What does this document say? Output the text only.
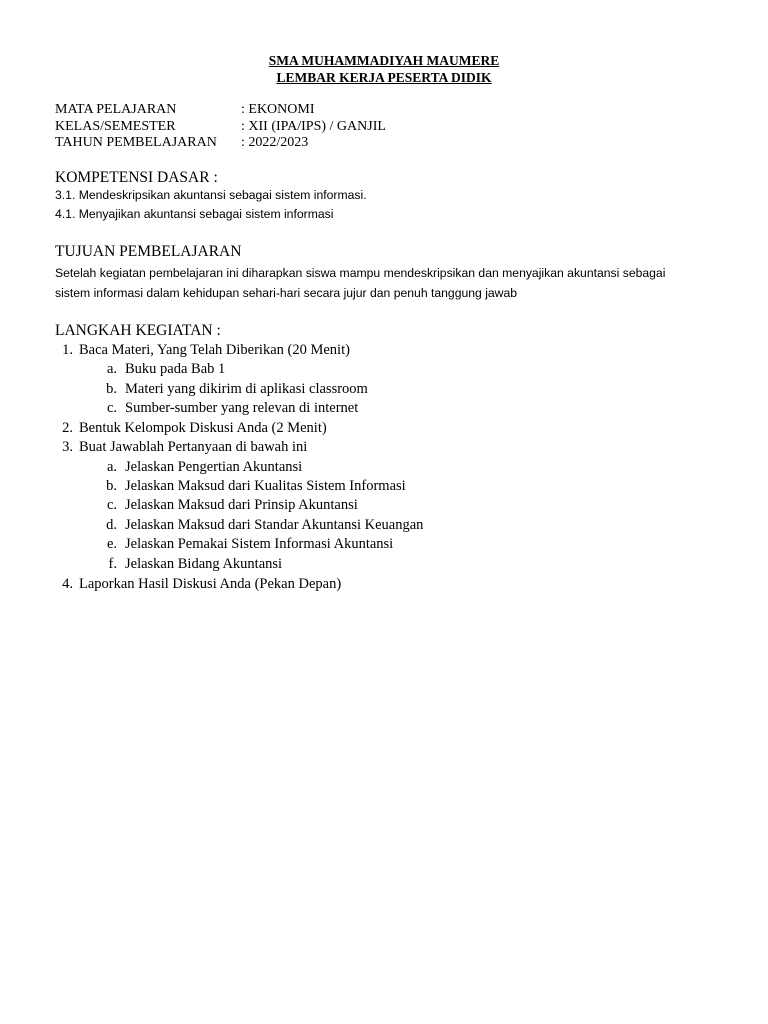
SMA MUHAMMADIYAH MAUMERE
LEMBAR KERJA PESERTA DIDIK
MATA PELAJARAN	: EKONOMI
KELAS/SEMESTER	: XII (IPA/IPS) / GANJIL
TAHUN PEMBELAJARAN : 2022/2023
KOMPETENSI DASAR :
3.1. Mendeskripsikan akuntansi sebagai sistem informasi.
4.1. Menyajikan akuntansi sebagai sistem informasi
TUJUAN PEMBELAJARAN
Setelah kegiatan pembelajaran ini diharapkan siswa mampu mendeskripsikan dan menyajikan akuntansi sebagai
sistem informasi dalam kehidupan sehari-hari secara jujur dan penuh tanggung jawab
LANGKAH KEGIATAN :
1. Baca Materi, Yang Telah Diberikan (20 Menit)
a. Buku pada Bab 1
b. Materi yang dikirim di aplikasi classroom
c. Sumber-sumber yang relevan di internet
2. Bentuk Kelompok Diskusi Anda (2 Menit)
3. Buat Jawablah Pertanyaan di bawah ini
a. Jelaskan Pengertian Akuntansi
b. Jelaskan Maksud dari Kualitas Sistem Informasi
c. Jelaskan Maksud dari Prinsip Akuntansi
d. Jelaskan Maksud dari Standar Akuntansi Keuangan
e. Jelaskan Pemakai Sistem Informasi Akuntansi
f. Jelaskan Bidang Akuntansi
4. Laporkan Hasil Diskusi Anda (Pekan Depan)
